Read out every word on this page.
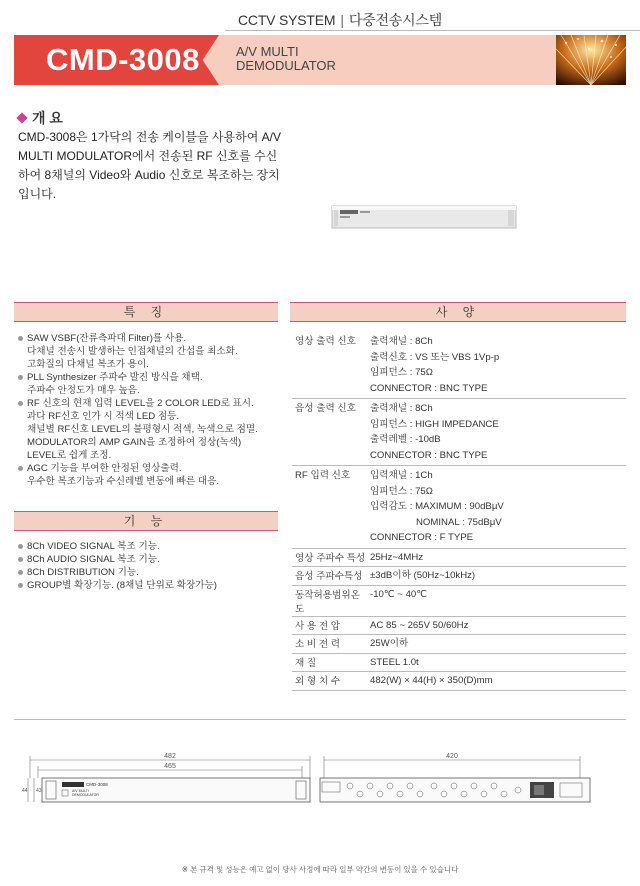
CCTV SYSTEM | 다중전송시스템
CMD-3008	A/V MULTI
DEMODULATOR
개 요
CMD-3008은 1가닥의 전송 케이블을 사용하여 A/V MULTI MODULATOR에서 전송된 RF 신호를 수신하여 8채널의 Video와 Audio 신호로 복조하는 장치입니다.
특 징
SAW VSBF(잔류측파대 Filter)를 사용.
다채널 전송시 발생하는 인접채널의 간섭을 최소화.
고화질의 다채널 복조가 용이.
PLL Synthesizer 주파수 발진 방식을 채택.
주파수 안정도가 매우 높음.
RF 신호의 현재 입력 LEVEL을 2 COLOR LED로 표시.
과다 RF신호 인가 시 적색 LED 점등.
채널별 RF신호 LEVEL의 불평형시 적색, 녹색으로 점멸.
MODULATOR의 AMP GAIN을 조정하여 정상(녹색)
LEVEL로 쉽게 조정.
AGC 기능을 부여한 안정된 영상출력.
우수한 복조기능과 수신레벨 변동에 빠른 대응.
기 능
8Ch VIDEO SIGNAL 복조 기능.
8Ch AUDIO SIGNAL 복조 기능.
8Ch DISTRIBUTION 기능.
GROUP별 확장기능. (8채널 단위로 확장가능)
사 양
영상 출력 신호	출력채널 : 8Ch
출력신호 : VS 또는 VBS 1Vp-p
임피던스 : 75Ω
CONNECTOR : BNC TYPE

음성 출력 신호	출력채널 : 8Ch
임피던스 : HIGH IMPEDANCE
출력레벨 : -10dB
CONNECTOR : BNC TYPE

RF 입력 신호	입력채널 : 1Ch
임피던스 : 75Ω
입력감도 : MAXIMUM : 90dBμV
NOMINAL : 75dBμV
CONNECTOR : F TYPE

영상 주파수 특성	25Hz~4MHz

음성 주파수특성	±3dB이하 (50Hz~10kHz)

동작허용범위온도	-10℃ ~ 40℃

사 용 전 압	AC 85 ~ 265V 50/60Hz

소 비 전 력	25W이하

재 질	STEEL 1.0t

외 형 치 수	482(W) × 44(H) × 350(D)mm
482
465
420
44 43
CMD-3008
A/V MULTI
DEMODULATOR
※ 본 규격 및 성능은 예고 없이 당사 사정에 따라 일부 약간의 변동이 있을 수 있습니다
